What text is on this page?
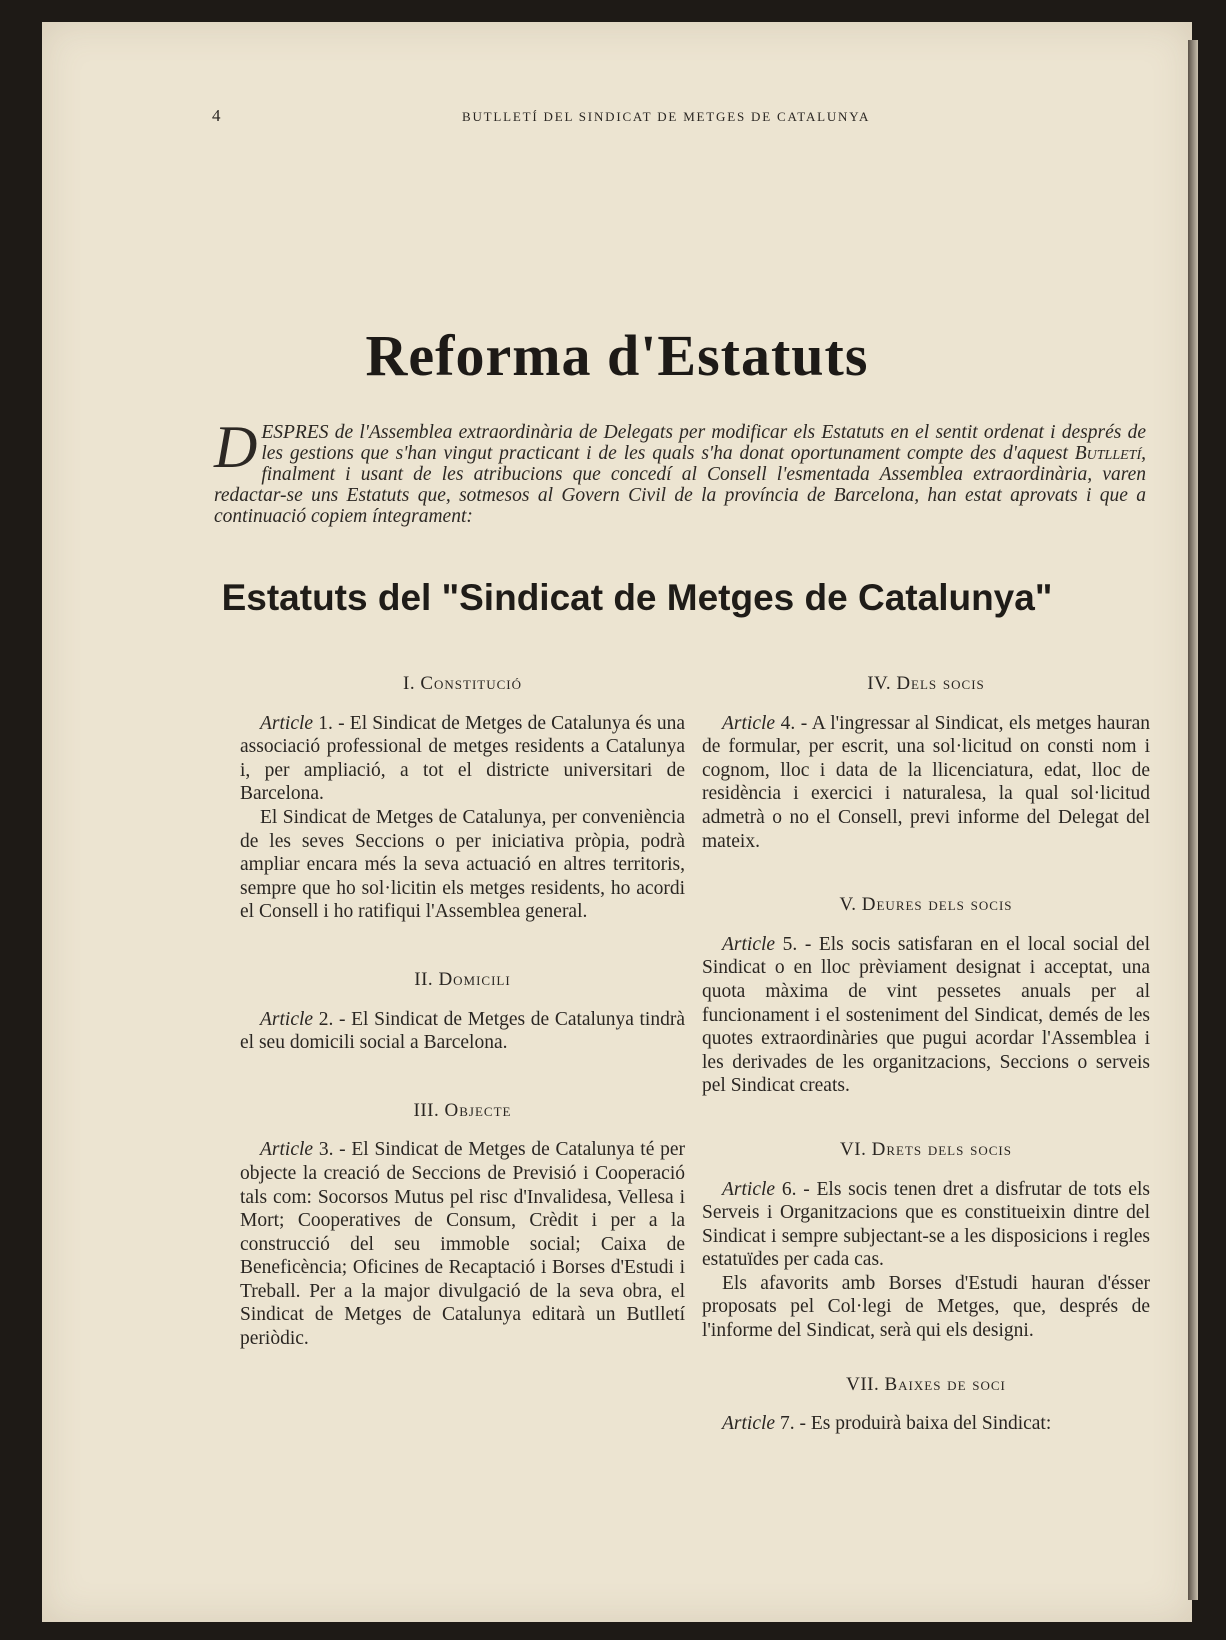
4	BUTLLETÍ DEL SINDICAT DE METGES DE CATALUNYA
Reforma d'Estatuts
DESPRES de l'Assemblea extraordinària de Delegats per modificar els Estatuts en el sentit ordenat i després de les gestions que s'han vingut practicant i de les quals s'ha donat oportunament compte des d'aquest Butlletí, finalment i usant de les atribucions que concedí al Consell l'esmentada Assemblea extraordinària, varen redactar-se uns Estatuts que, sotmesos al Govern Civil de la província de Barcelona, han estat aprovats i que a continuació copiem íntegrament:
Estatuts del "Sindicat de Metges de Catalunya"
I. Constitució

Article 1. - El Sindicat de Metges de Catalunya és una associació professional de metges residents a Catalunya i, per ampliació, a tot el districte universitari de Barcelona.

El Sindicat de Metges de Catalunya, per conveniència de les seves Seccions o per iniciativa pròpia, podrà ampliar encara més la seva actuació en altres territoris, sempre que ho sol·licitin els metges residents, ho acordi el Consell i ho ratifiqui l'Assemblea general.

II. Domicili

Article 2. - El Sindicat de Metges de Catalunya tindrà el seu domicili social a Barcelona.

III. Objecte

Article 3. - El Sindicat de Metges de Catalunya té per objecte la creació de Seccions de Previsió i Cooperació tals com: Socorsos Mutus pel risc d'Invalidesa, Vellesa i Mort; Cooperatives de Consum, Crèdit i per a la construcció del seu immoble social; Caixa de Beneficència; Oficines de Recaptació i Borses d'Estudi i Treball. Per a la major divulgació de la seva obra, el Sindicat de Metges de Catalunya editarà un Butlletí periòdic.

IV. Dels socis

Article 4. - A l'ingressar al Sindicat, els metges hauran de formular, per escrit, una sol·licitud on consti nom i cognom, lloc i data de la llicenciatura, edat, lloc de residència i exercici i naturalesa, la qual sol·licitud admetrà o no el Consell, previ informe del Delegat del mateix.

V. Deures dels socis

Article 5. - Els socis satisfaran en el local social del Sindicat o en lloc prèviament designat i acceptat, una quota màxima de vint pessetes anuals per al funcionament i el sosteniment del Sindicat, demés de les quotes extraordinàries que pugui acordar l'Assemblea i les derivades de les organitzacions, Seccions o serveis pel Sindicat creats.

VI. Drets dels socis

Article 6. - Els socis tenen dret a disfrutar de tots els Serveis i Organitzacions que es constitueixin dintre del Sindicat i sempre subjectant-se a les disposicions i regles estatuïdes per cada cas.

Els afavorits amb Borses d'Estudi hauran d'ésser proposats pel Col·legi de Metges, que, després de l'informe del Sindicat, serà qui els designi.

VII. Baixes de soci

Article 7. - Es produirà baixa del Sindicat:
